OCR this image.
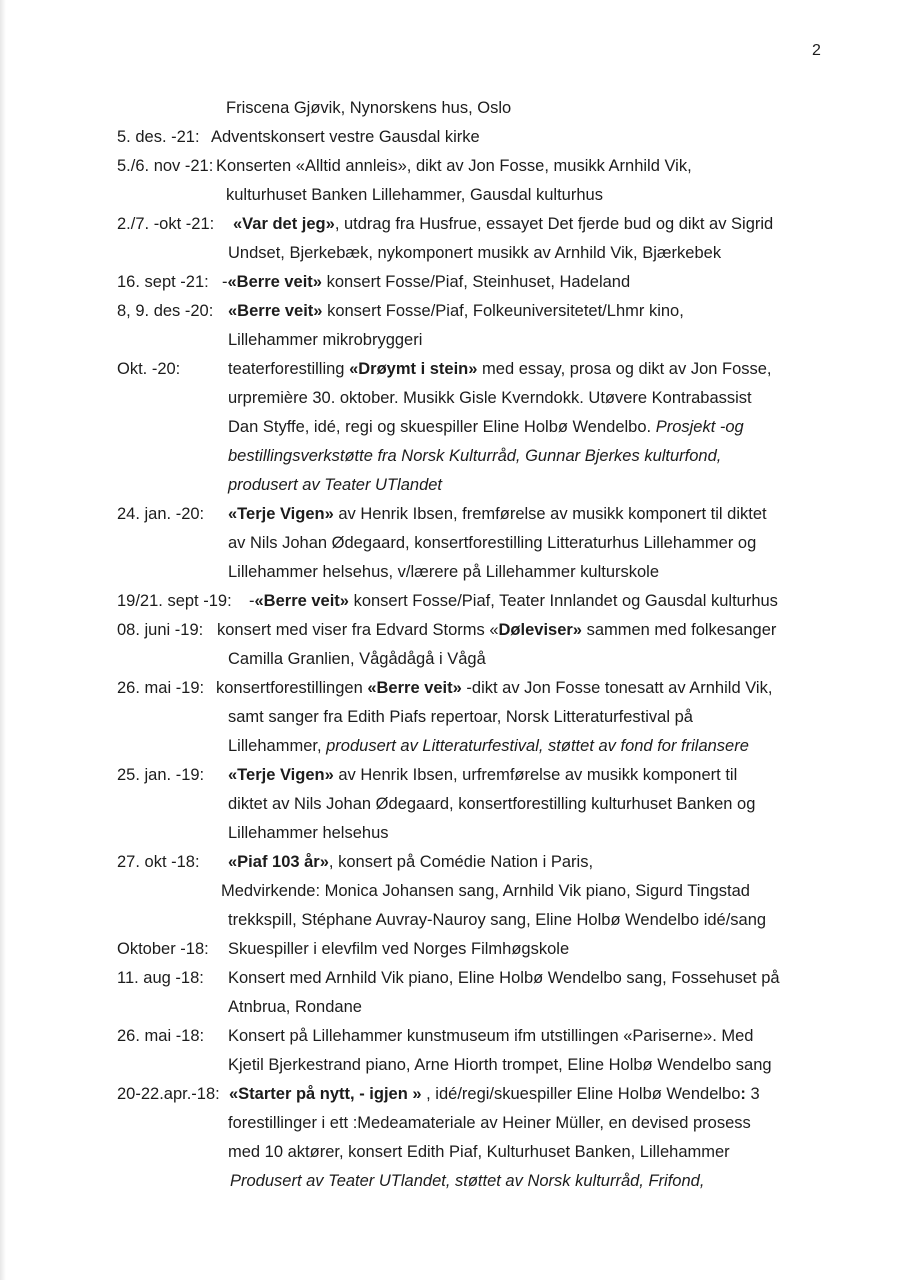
2
Friscena Gjøvik, Nynorskens hus, Oslo
5. des. -21: Adventskonsert vestre Gausdal kirke
5./6. nov -21: Konserten «Alltid annleis», dikt av Jon Fosse, musikk Arnhild Vik,
kulturhuset Banken Lillehammer, Gausdal kulturhus
2./7. -okt -21: «Var det jeg», utdrag fra Husfrue, essayet Det fjerde bud og dikt av Sigrid
Undset, Bjerkebæk, nykomponert musikk av Arnhild Vik, Bjærkebek
16. sept -21: -«Berre veit» konsert Fosse/Piaf, Steinhuset, Hadeland
8, 9. des -20: «Berre veit» konsert Fosse/Piaf, Folkeuniversitetet/Lhmr kino,
Lillehammer mikrobryggeri
Okt. -20:	teaterforestilling «Drøymt i stein» med essay, prosa og dikt av Jon Fosse,
urpremière 30. oktober. Musikk Gisle Kverndokk. Utøvere Kontrabassist
Dan Styffe, idé, regi og skuespiller Eline Holbø Wendelbo. Prosjekt -og
bestillingsverkstøtte fra Norsk Kulturråd, Gunnar Bjerkes kulturfond,
produsert av Teater UTlandet
24. jan. -20: «Terje Vigen» av Henrik Ibsen, fremførelse av musikk komponert til diktet
av Nils Johan Ødegaard, konsertforestilling Litteraturhus Lillehammer og
Lillehammer helsehus, v/lærere på Lillehammer kulturskole
19/21. sept -19: -«Berre veit» konsert Fosse/Piaf, Teater Innlandet og Gausdal kulturhus
08. juni -19: konsert med viser fra Edvard Storms «Døleviser» sammen med folkesanger
Camilla Granlien, Vågådågå i Vågå
26. mai -19: konsertforestillingen «Berre veit» -dikt av Jon Fosse tonesatt av Arnhild Vik,
samt sanger fra Edith Piafs repertoar, Norsk Litteraturfestival på
Lillehammer, produsert av Litteraturfestival, støttet av fond for frilansere
25. jan. -19: «Terje Vigen» av Henrik Ibsen, urfremførelse av musikk komponert til
diktet av Nils Johan Ødegaard, konsertforestilling kulturhuset Banken og
Lillehammer helsehus
27. okt -18: «Piaf 103 år», konsert på Comédie Nation i Paris,
Medvirkende: Monica Johansen sang, Arnhild Vik piano, Sigurd Tingstad
trekkspill, Stéphane Auvray-Nauroy sang, Eline Holbø Wendelbo idé/sang
Oktober -18: Skuespiller i elevfilm ved Norges Filmhøgskole
11. aug -18: Konsert med Arnhild Vik piano, Eline Holbø Wendelbo sang, Fossehuset på
Atnbrua, Rondane
26. mai -18: Konsert på Lillehammer kunstmuseum ifm utstillingen «Pariserne». Med
Kjetil Bjerkestrand piano, Arne Hiorth trompet, Eline Holbø Wendelbo sang
20-22.apr.-18: «Starter på nytt, - igjen » , idé/regi/skuespiller Eline Holbø Wendelbo: 3
forestillinger i ett :Medeamateriale av Heiner Müller, en devised prosess
med 10 aktører, konsert Edith Piaf, Kulturhuset Banken, Lillehammer
Produsert av Teater UTlandet, støttet av Norsk kulturråd, Frifond,
